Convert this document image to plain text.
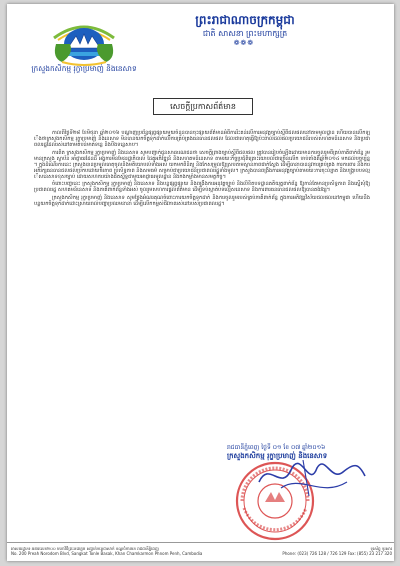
ក្រសួងកសិកម្ម រុក្ខាប្រមាញ់ និងនេសាទ
ព្រះរាជាណាចក្រកម្ពុជា
ជាតិ សាសនា ព្រះមហាក្សត្រ
❁❁❁
សេចក្តីប្រកាសព័ត៌មាន

កាលពីថ្ងៃទី២៨ ខែមិថុនា ឆ្នាំ២០១៦ បណ្តាញប្រព័ន្ធផ្សព្វផ្សាយមួយចំនួនបានចុះផ្សាយព័ត៌មានអំពីការរិះគន់លើការអនុវត្តច្បាប់ស្តីពីជលផលនៅតាមមូលដ្ឋាន ហើយបានលើកឡើងថាក្រសួងកសិកម្ម រុក្ខាប្រមាញ់ និងនេសាទ មិនបានយកចិត្តទុកដាក់លើការគ្រប់គ្រងធនធានជលផល ដែលជាហេតុធ្វើឱ្យប៉ះពាល់ដល់ផលប្រយោជន៍របស់សហគមន៍នេសាទ និងប្រជាពលរដ្ឋដែលរស់នៅតាមតំបន់មាត់ទន្លេ និងបឹងទន្លេសាប។

ការពិត ក្រសួងកសិកម្ម រុក្ខាប្រមាញ់ និងនេសាទ សូមបញ្ជាក់ជូនសាធារណជនថា សេចក្តីព្រាងច្បាប់ស្តីពីជលផល ត្រូវបានរៀបចំឡើងដោយមានការចូលរួមពីគ្រប់ភាគីពាក់ព័ន្ធ រួមមានក្រសួង ស្ថាប័ន អាជ្ញាធរដែនដី អង្គការមិនមែនរដ្ឋាភិបាល ដៃគូអភិវឌ្ឍន៍ និងសហគមន៍នេសាទ តាមរយៈកិច្ចប្រជុំពិគ្រោះយោបល់ជាច្រើនលើក ចាប់តាំងពីឆ្នាំ២០១៤ មកដល់បច្ចុប្បន្ន។ ក្នុងដំណើរការនេះ ក្រសួងបានប្រមូលធាតុចូលនិងមតិយោបល់ទាំងអស់ យកមកពិនិត្យ និងកែសម្រួលឱ្យស្របតាមស្ថានភាពជាក់ស្តែង ដើម្បីធានាបាននូវការគ្រប់គ្រង ការការពារ និងការអភិរក្សធនធានជលផលប្រកបដោយចីរភាព ប្រសិទ្ធភាព និងសមធម៌ សម្រាប់ជាប្រយោជន៍ប្រជាពលរដ្ឋទាំងមូល។ ក្រសួងបានពង្រឹងការអនុវត្តច្បាប់តាមរយៈការចុះល្បាត និងបង្ក្រាបបទល្មើសនេសាទខុសច្បាប់ ដោយសហការយ៉ាងជិតស្និទ្ធជាមួយអាជ្ញាធរមូលដ្ឋាន និងកងកម្លាំងមានសមត្ថកិច្ច។

ចំពោះបញ្ហានេះ ក្រសួងកសិកម្ម រុក្ខាប្រមាញ់ និងនេសាទ នឹងបន្តផ្សព្វផ្សាយ និងពង្រឹងការអនុវត្តច្បាប់ និងលិខិតបទដ្ឋានគតិយុត្តពាក់ព័ន្ធ ឱ្យកាន់តែមានប្រសិទ្ធភាព និងស្នើសុំឱ្យប្រជាពលរដ្ឋ សហគមន៍នេសាទ និងភាគីពាក់ព័ន្ធទាំងអស់ ចូលរួមសហការផ្តល់ព័ត៌មាន ដើម្បីទប់ស្កាត់បទល្មើសនេសាទ និងការពារធនធានជលផលឱ្យបានគង់វង្ស។

ក្រសួងកសិកម្ម រុក្ខាប្រមាញ់ និងនេសាទ សូមថ្លែងអំណរគុណចំពោះការយកចិត្តទុកដាក់ និងការចូលរួមរបស់គ្រប់ភាគីពាក់ព័ន្ធ ក្នុងការអភិវឌ្ឍវិស័យជលផលនៅកម្ពុជា ហើយនឹងបន្តយកចិត្តទុកដាក់ដោះស្រាយរាល់បញ្ហាប្រឈមនានា ដើម្បីលើកកម្ពស់ជីវភាពរស់នៅរបស់ប្រជាពលរដ្ឋ។

រាជធានីភ្នំពេញ ថ្ងៃទី ០១ ខែ ០៧ ឆ្នាំ២០១៦
ក្រសួងកសិកម្ម រុក្ខាប្រមាញ់ និងនេសាទ
អាសយដ្ឋាន៖ អគារលេខ២០០ មហាវិថីព្រះនរោត្តម សង្កាត់ទន្លេបាសាក់ ខណ្ឌចំការមន រាជធានីភ្នំពេញ
No. 200 Preah Norodom Blvd, Sangkat Tonle Basak, Khan Chamkarmon Phnom Penh, Cambodia
ទូរស័ព្ទ ទូរសារ
Phone: (023) 726 128 / 726 129 Fax: (855) 23 217 320
